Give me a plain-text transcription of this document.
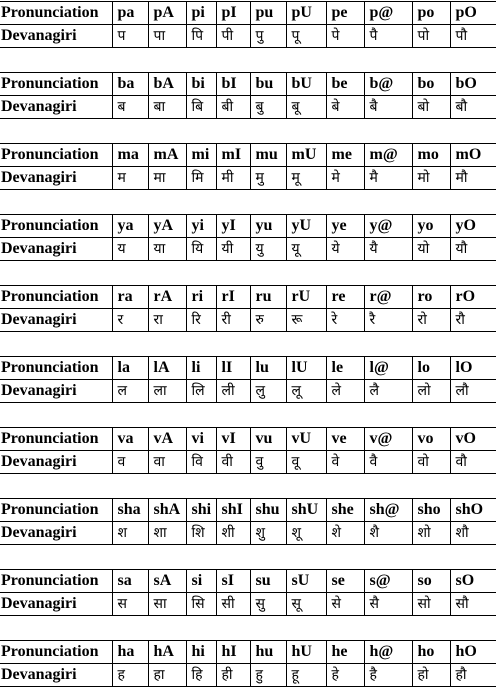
Pronunciation	pa	pA	pi	pI	pu	pU	pe	p@	po	pO
Devanagiri	प	पा	पि	पी	पु	पू	पे	पै	पो	पौ

Pronunciation	ba	bA	bi	bI	bu	bU	be	b@	bo	bO
Devanagiri	ब	बा	बि	बी	बु	बू	बे	बै	बो	बौ

Pronunciation	ma	mA	mi	mI	mu	mU	me	m@	mo	mO
Devanagiri	म	मा	मि	मी	मु	मू	मे	मै	मो	मौ

Pronunciation	ya	yA	yi	yI	yu	yU	ye	y@	yo	yO
Devanagiri	य	या	यि	यी	यु	यू	ये	यै	यो	यौ

Pronunciation	ra	rA	ri	rI	ru	rU	re	r@	ro	rO
Devanagiri	र	रा	रि	री	रु	रू	रे	रै	रो	रौ

Pronunciation	la	lA	li	lI	lu	lU	le	l@	lo	lO
Devanagiri	ल	ला	लि	ली	लु	लू	ले	लै	लो	लौ

Pronunciation	va	vA	vi	vI	vu	vU	ve	v@	vo	vO
Devanagiri	व	वा	वि	वी	वु	वू	वे	वै	वो	वौ

Pronunciation	sha	shA	shi	shI	shu	shU	she	sh@	sho	shO
Devanagiri	श	शा	शि	शी	शु	शू	शे	शै	शो	शौ

Pronunciation	sa	sA	si	sI	su	sU	se	s@	so	sO
Devanagiri	स	सा	सि	सी	सु	सू	से	सै	सो	सौ

Pronunciation	ha	hA	hi	hI	hu	hU	he	h@	ho	hO
Devanagiri	ह	हा	हि	ही	हु	हू	हे	है	हो	हौ
